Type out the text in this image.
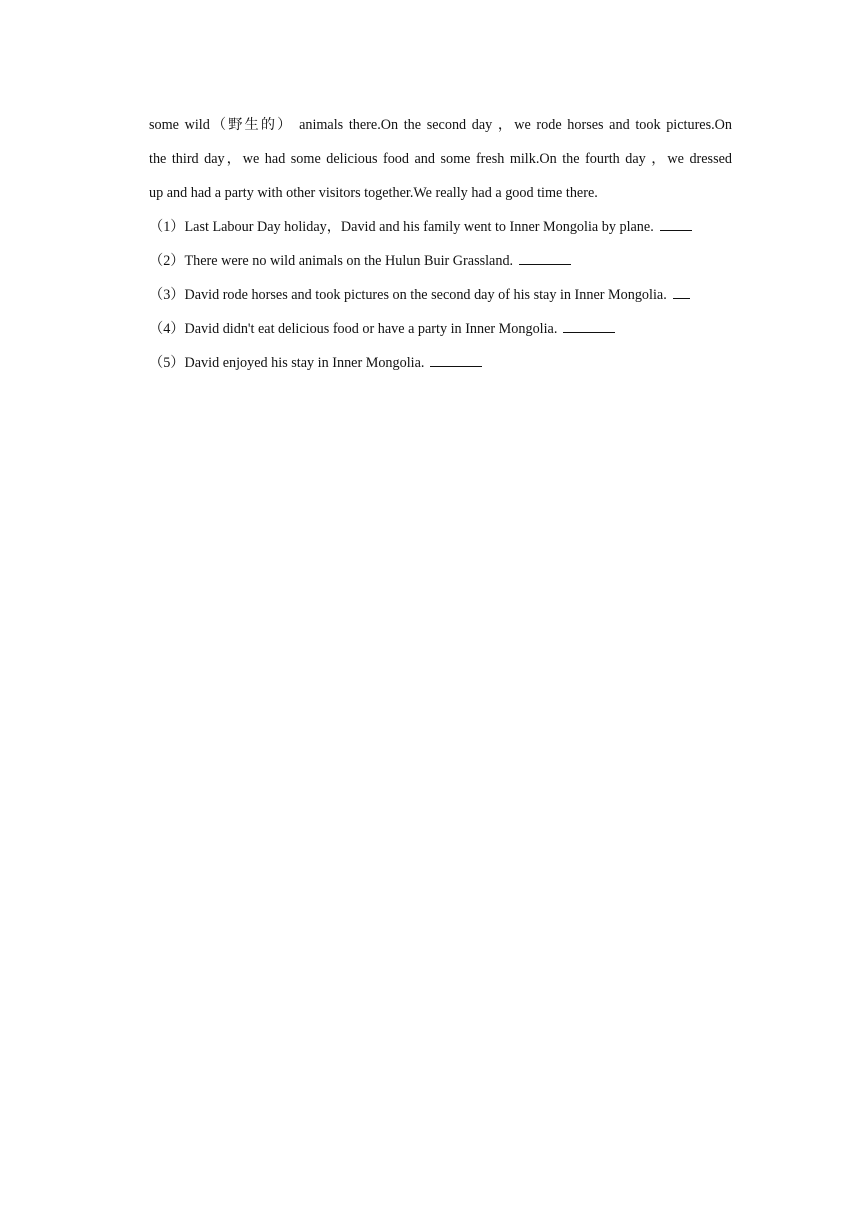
some wild（野生的） animals there.On the second day ，we rode horses and took pictures.On
the third day，we had some delicious food and some fresh milk.On the fourth day ，we dressed
up and had a party with other visitors together.We really had a good time there.
（1）Last Labour Day holiday，David and his family went to Inner Mongolia by plane.
（2）There were no wild animals on the Hulun Buir Grassland.
（3）David rode horses and took pictures on the second day of his stay in Inner Mongolia.
（4）David didn't eat delicious food or have a party in Inner Mongolia.
（5）David enjoyed his stay in Inner Mongolia.
